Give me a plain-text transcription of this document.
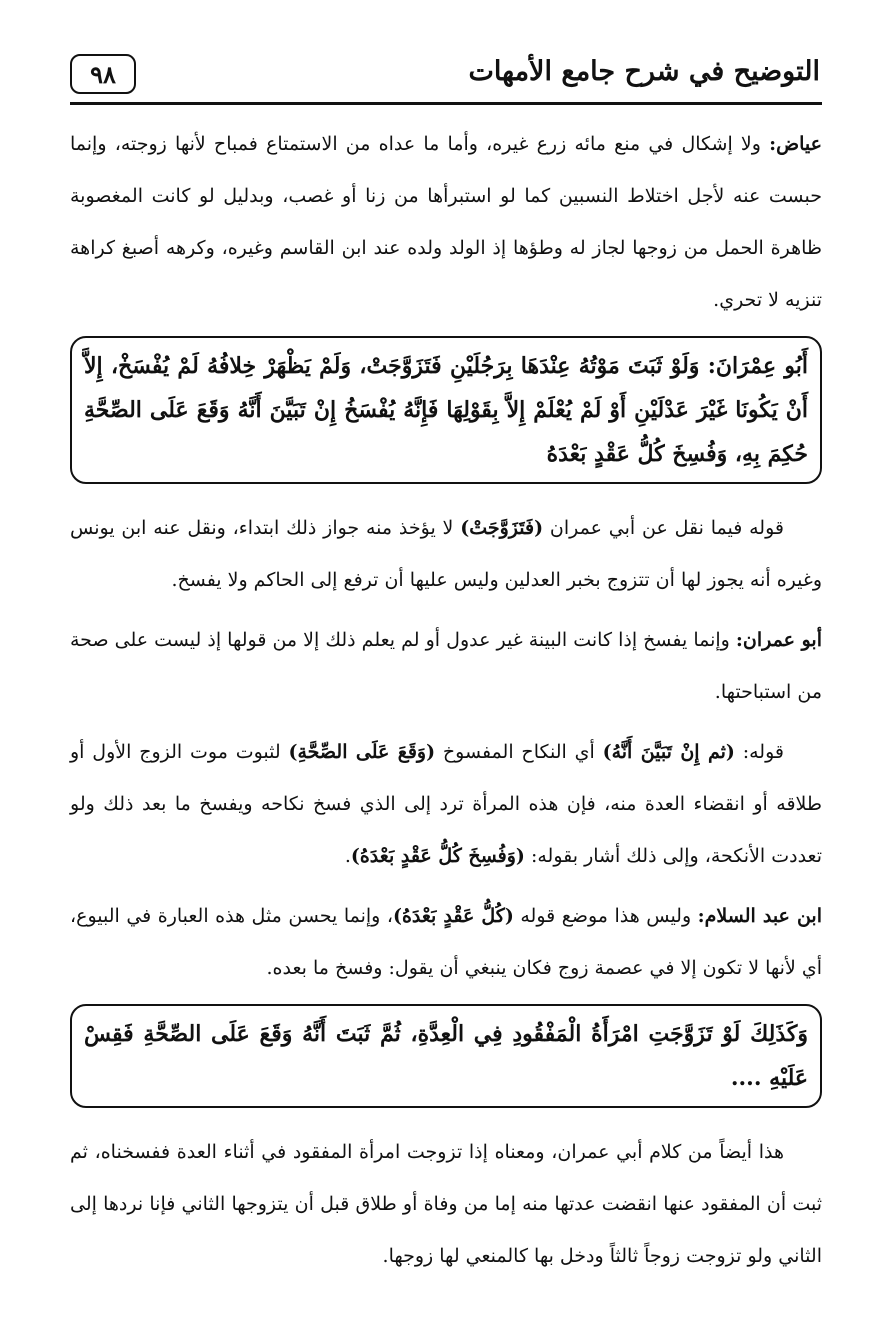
التوضيح في شرح جامع الأمهات
٩٨

عياض: ولا إشكال في منع مائه زرع غيره، وأما ما عداه من الاستمتاع فمباح لأنها زوجته، وإنما حبست عنه لأجل اختلاط النسبين كما لو استبرأها من زنا أو غصب، وبدليل لو كانت المغصوبة ظاهرة الحمل من زوجها لجاز له وطؤها إذ الولد ولده عند ابن القاسم وغيره، وكرهه أصبغ كراهة تنزيه لا تحري.

أَبُو عِمْرَانَ: وَلَوْ ثَبَتَ مَوْتُهُ عِنْدَهَا بِرَجُلَيْنِ فَتَزَوَّجَتْ، وَلَمْ يَظْهَرْ خِلافُهُ لَمْ يُفْسَخْ، إِلاَّ أَنْ يَكُونَا غَيْرَ عَدْلَيْنِ أَوْ لَمْ يُعْلَمْ إِلاَّ بِقَوْلِهَا فَإِنَّهُ يُفْسَخُ إِنْ تَبَيَّنَ أَنَّهُ وَقَعَ عَلَى الصِّحَّةِ حُكِمَ بِهِ، وَفُسِخَ كُلُّ عَقْدٍ بَعْدَهُ

قوله فيما نقل عن أبي عمران (فَتَزَوَّجَتْ) لا يؤخذ منه جواز ذلك ابتداء، ونقل عنه ابن يونس وغيره أنه يجوز لها أن تتزوج بخبر العدلين وليس عليها أن ترفع إلى الحاكم ولا يفسخ.

أبو عمران: وإنما يفسخ إذا كانت البينة غير عدول أو لم يعلم ذلك إلا من قولها إذ ليست على صحة من استباحتها.

قوله: (ثم إِنْ تَبَيَّنَ أَنَّهُ) أي النكاح المفسوخ (وَقَعَ عَلَى الصِّحَّةِ) لثبوت موت الزوج الأول أو طلاقه أو انقضاء العدة منه، فإن هذه المرأة ترد إلى الذي فسخ نكاحه ويفسخ ما بعد ذلك ولو تعددت الأنكحة، وإلى ذلك أشار بقوله: (وَفُسِخَ كُلُّ عَقْدٍ بَعْدَهُ).

ابن عبد السلام: وليس هذا موضع قوله (كُلُّ عَقْدٍ بَعْدَهُ)، وإنما يحسن مثل هذه العبارة في البيوع، أي لأنها لا تكون إلا في عصمة زوج فكان ينبغي أن يقول: وفسخ ما بعده.

وَكَذَلِكَ لَوْ تَزَوَّجَتِ امْرَأَةُ الْمَفْقُودِ فِي الْعِدَّةِ، ثُمَّ ثَبَتَ أَنَّهُ وَقَعَ عَلَى الصِّحَّةِ فَقِسْ عَلَيْهِ ....

هذا أيضاً من كلام أبي عمران، ومعناه إذا تزوجت امرأة المفقود في أثناء العدة ففسخناه، ثم ثبت أن المفقود عنها انقضت عدتها منه إما من وفاة أو طلاق قبل أن يتزوجها الثاني فإنا نردها إلى الثاني ولو تزوجت زوجاً ثالثاً ودخل بها كالمنعي لها زوجها.
